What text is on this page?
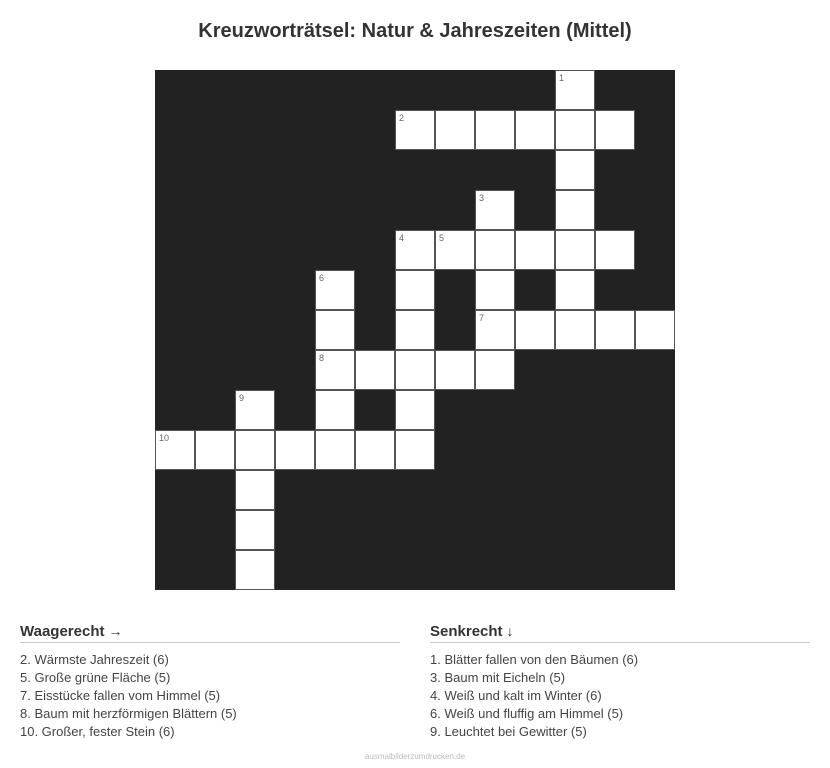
Kreuzworträtsel: Natur & Jahreszeiten (Mittel)
1
2
3
4	5
6
7
8
9
10
Waagerecht →
2. Wärmste Jahreszeit (6)
5. Große grüne Fläche (5)
7. Eisstücke fallen vom Himmel (5)
8. Baum mit herzförmigen Blättern (5)
10. Großer, fester Stein (6)
Senkrecht ↓
1. Blätter fallen von den Bäumen (6)
3. Baum mit Eicheln (5)
4. Weiß und kalt im Winter (6)
6. Weiß und fluffig am Himmel (5)
9. Leuchtet bei Gewitter (5)
ausmalbilderzumdrucken.de
